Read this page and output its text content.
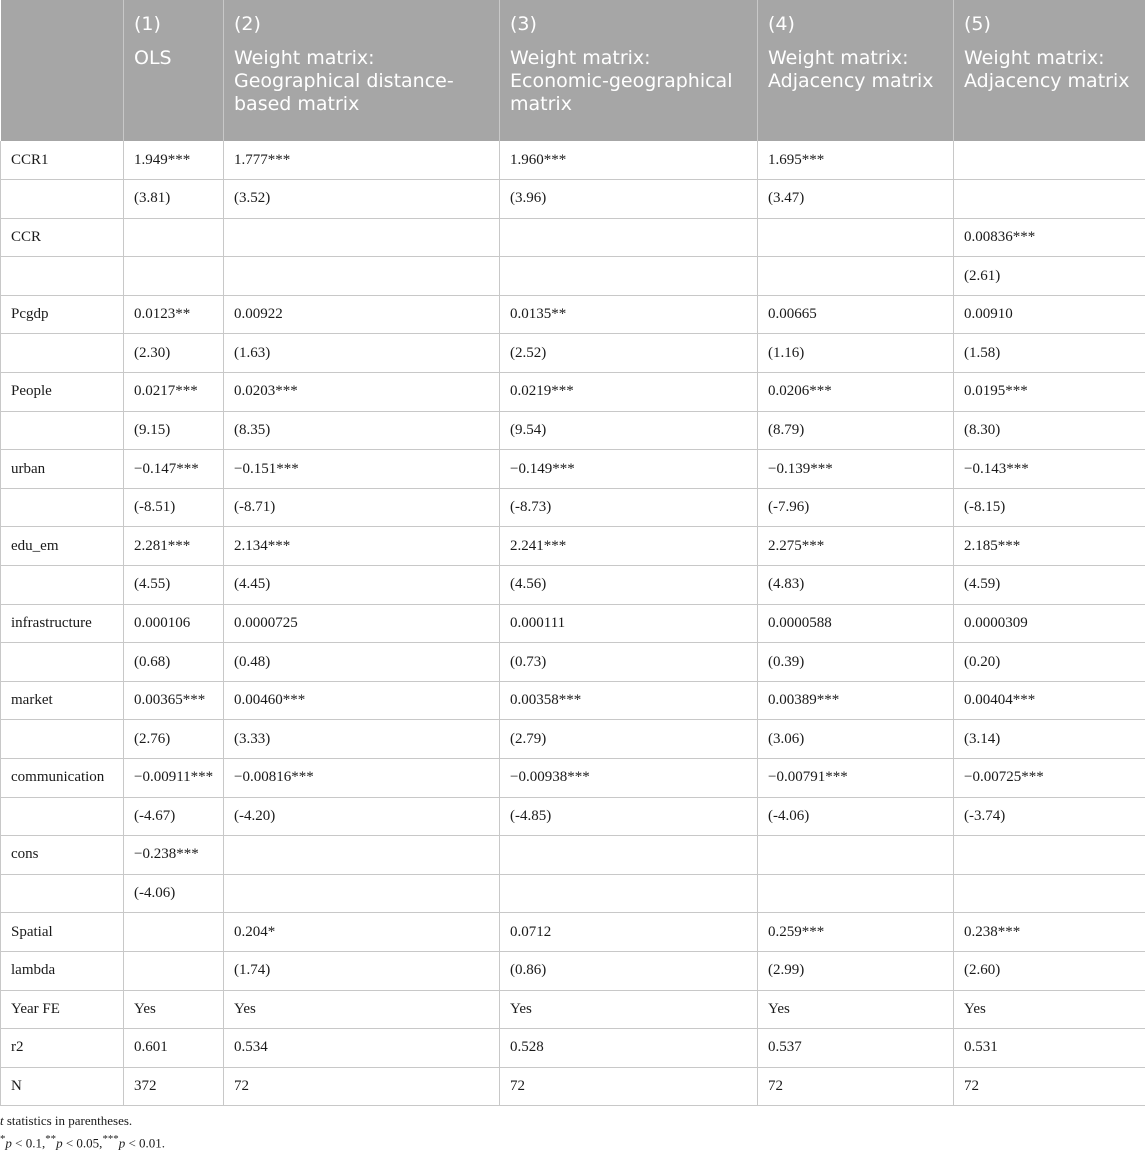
	(1)	(2)	(3)	(4)	(5)
	OLS	Weight matrix: Geographical distance-based matrix	Weight matrix: Economic-geographical matrix	Weight matrix: Adjacency matrix	Weight matrix: Adjacency matrix
CCR1	1.949***	1.777***	1.960***	1.695***	
	(3.81)	(3.52)	(3.96)	(3.47)	
CCR					0.00836***
					(2.61)
Pcgdp	0.0123**	0.00922	0.0135**	0.00665	0.00910
	(2.30)	(1.63)	(2.52)	(1.16)	(1.58)
People	0.0217***	0.0203***	0.0219***	0.0206***	0.0195***
	(9.15)	(8.35)	(9.54)	(8.79)	(8.30)
urban	−0.147***	−0.151***	−0.149***	−0.139***	−0.143***
	(-8.51)	(-8.71)	(-8.73)	(-7.96)	(-8.15)
edu_em	2.281***	2.134***	2.241***	2.275***	2.185***
	(4.55)	(4.45)	(4.56)	(4.83)	(4.59)
infrastructure	0.000106	0.0000725	0.000111	0.0000588	0.0000309
	(0.68)	(0.48)	(0.73)	(0.39)	(0.20)
market	0.00365***	0.00460***	0.00358***	0.00389***	0.00404***
	(2.76)	(3.33)	(2.79)	(3.06)	(3.14)
communication	−0.00911***	−0.00816***	−0.00938***	−0.00791***	−0.00725***
	(-4.67)	(-4.20)	(-4.85)	(-4.06)	(-3.74)
cons	−0.238***				
	(-4.06)				
Spatial		0.204*	0.0712	0.259***	0.238***
lambda		(1.74)	(0.86)	(2.99)	(2.60)
Year FE	Yes	Yes	Yes	Yes	Yes
r2	0.601	0.534	0.528	0.537	0.531
N	372	72	72	72	72
t statistics in parentheses.
*p < 0.1,**p < 0.05,***p < 0.01.
